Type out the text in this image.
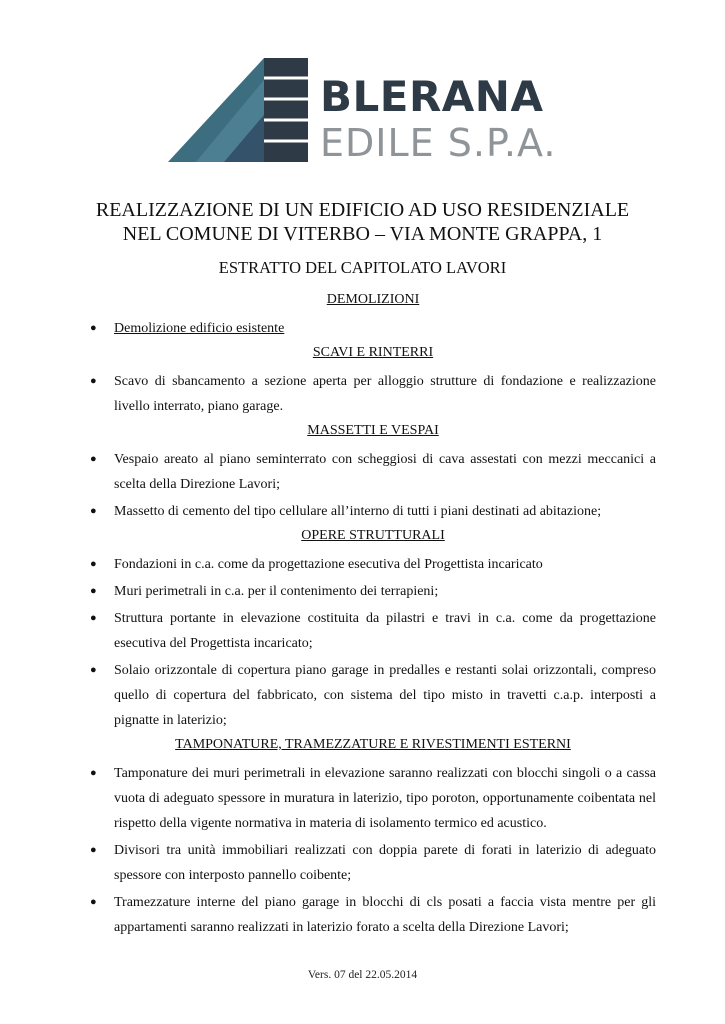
BLERANA
EDILE S.P.A.
REALIZZAZIONE DI UN EDIFICIO AD USO RESIDENZIALE
NEL COMUNE DI VITERBO – VIA MONTE GRAPPA, 1
ESTRATTO DEL CAPITOLATO LAVORI
DEMOLIZIONI
● Demolizione edificio esistente
SCAVI E RINTERRI
● Scavo di sbancamento a sezione aperta per alloggio strutture di fondazione e realizzazione livello interrato, piano garage.
MASSETTI E VESPAI
● Vespaio areato al piano seminterrato con scheggiosi di cava assestati con mezzi meccanici a scelta della Direzione Lavori;
● Massetto di cemento del tipo cellulare all’interno di tutti i piani destinati ad abitazione;
OPERE STRUTTURALI
● Fondazioni in c.a. come da progettazione esecutiva del Progettista incaricato
● Muri perimetrali in c.a. per il contenimento dei terrapieni;
● Struttura portante in elevazione costituita da pilastri e travi in c.a. come da progettazione esecutiva del Progettista incaricato;
● Solaio orizzontale di copertura piano garage in predalles e restanti solai orizzontali, compreso quello di copertura del fabbricato, con sistema del tipo misto in travetti c.a.p. interposti a pignatte in laterizio;
TAMPONATURE, TRAMEZZATURE E RIVESTIMENTI ESTERNI
● Tamponature dei muri perimetrali in elevazione saranno realizzati con blocchi singoli o a cassa vuota di adeguato spessore in muratura in laterizio, tipo poroton, opportunamente coibentata nel rispetto della vigente normativa in materia di isolamento termico ed acustico.
● Divisori tra unità immobiliari realizzati con doppia parete di forati in laterizio di adeguato spessore con interposto pannello coibente;
● Tramezzature interne del piano garage in blocchi di cls posati a faccia vista mentre per gli appartamenti saranno realizzati in laterizio forato a scelta della Direzione Lavori;
Vers. 07 del 22.05.2014
